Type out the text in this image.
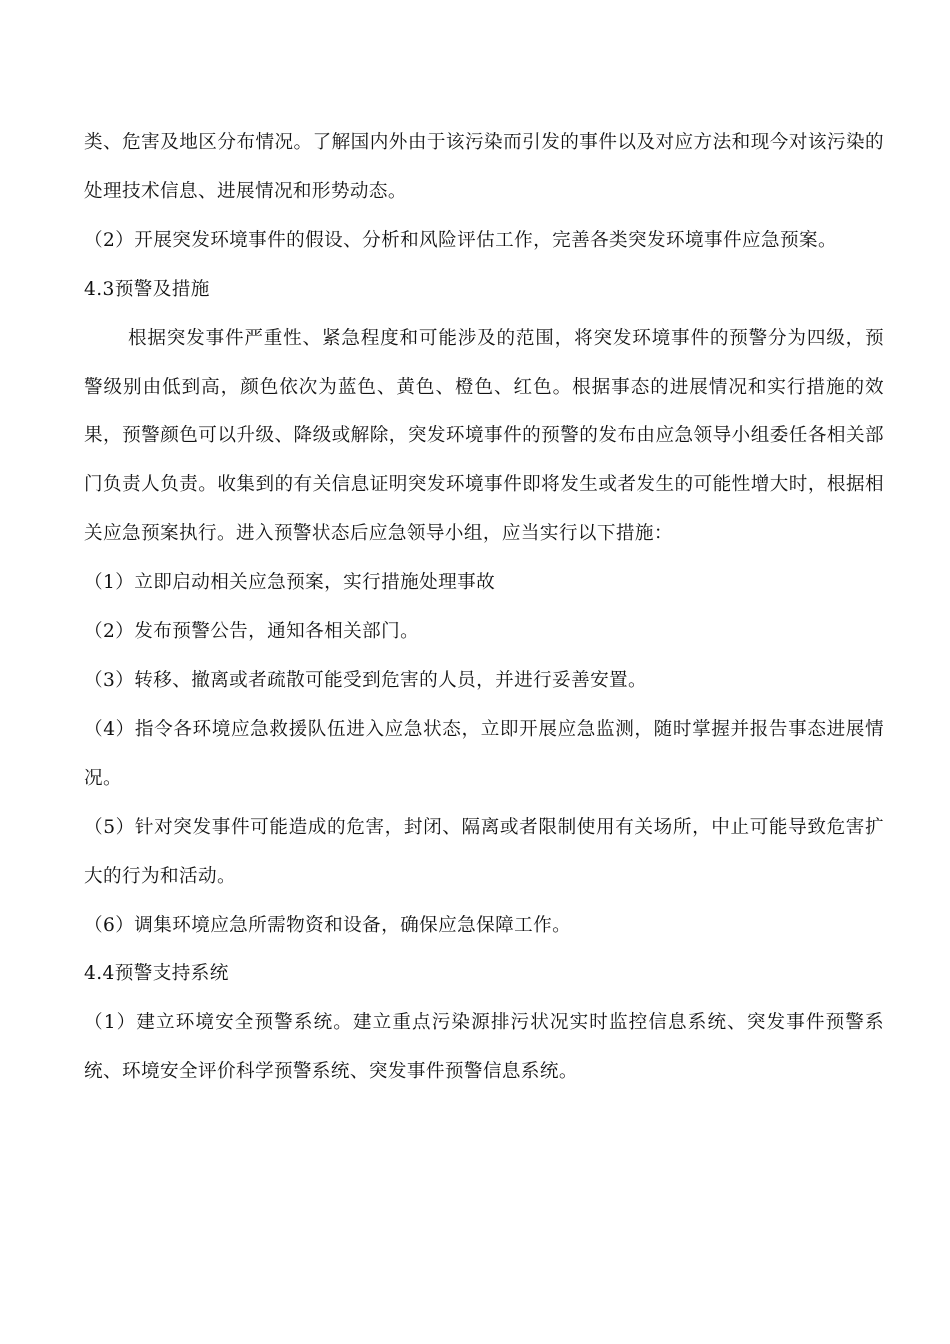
类、危害及地区分布情况。了解国内外由于该污染而引发的事件以及对应方法和现今对该污染的处理技术信息、进展情况和形势动态。

（2）开展突发环境事件的假设、分析和风险评估工作，完善各类突发环境事件应急预案。

4.3预警及措施

根据突发事件严重性、紧急程度和可能涉及的范围，将突发环境事件的预警分为四级，预警级别由低到高，颜色依次为蓝色、黄色、橙色、红色。根据事态的进展情况和实行措施的效果，预警颜色可以升级、降级或解除，突发环境事件的预警的发布由应急领导小组委任各相关部门负责人负责。收集到的有关信息证明突发环境事件即将发生或者发生的可能性增大时，根据相关应急预案执行。进入预警状态后应急领导小组，应当实行以下措施：

（1）立即启动相关应急预案，实行措施处理事故

（2）发布预警公告，通知各相关部门。

（3）转移、撤离或者疏散可能受到危害的人员，并进行妥善安置。

（4）指令各环境应急救援队伍进入应急状态，立即开展应急监测，随时掌握并报告事态进展情况。

（5）针对突发事件可能造成的危害，封闭、隔离或者限制使用有关场所，中止可能导致危害扩大的行为和活动。

（6）调集环境应急所需物资和设备，确保应急保障工作。

4.4预警支持系统

（1）建立环境安全预警系统。建立重点污染源排污状况实时监控信息系统、突发事件预警系统、环境安全评价科学预警系统、突发事件预警信息系统。
